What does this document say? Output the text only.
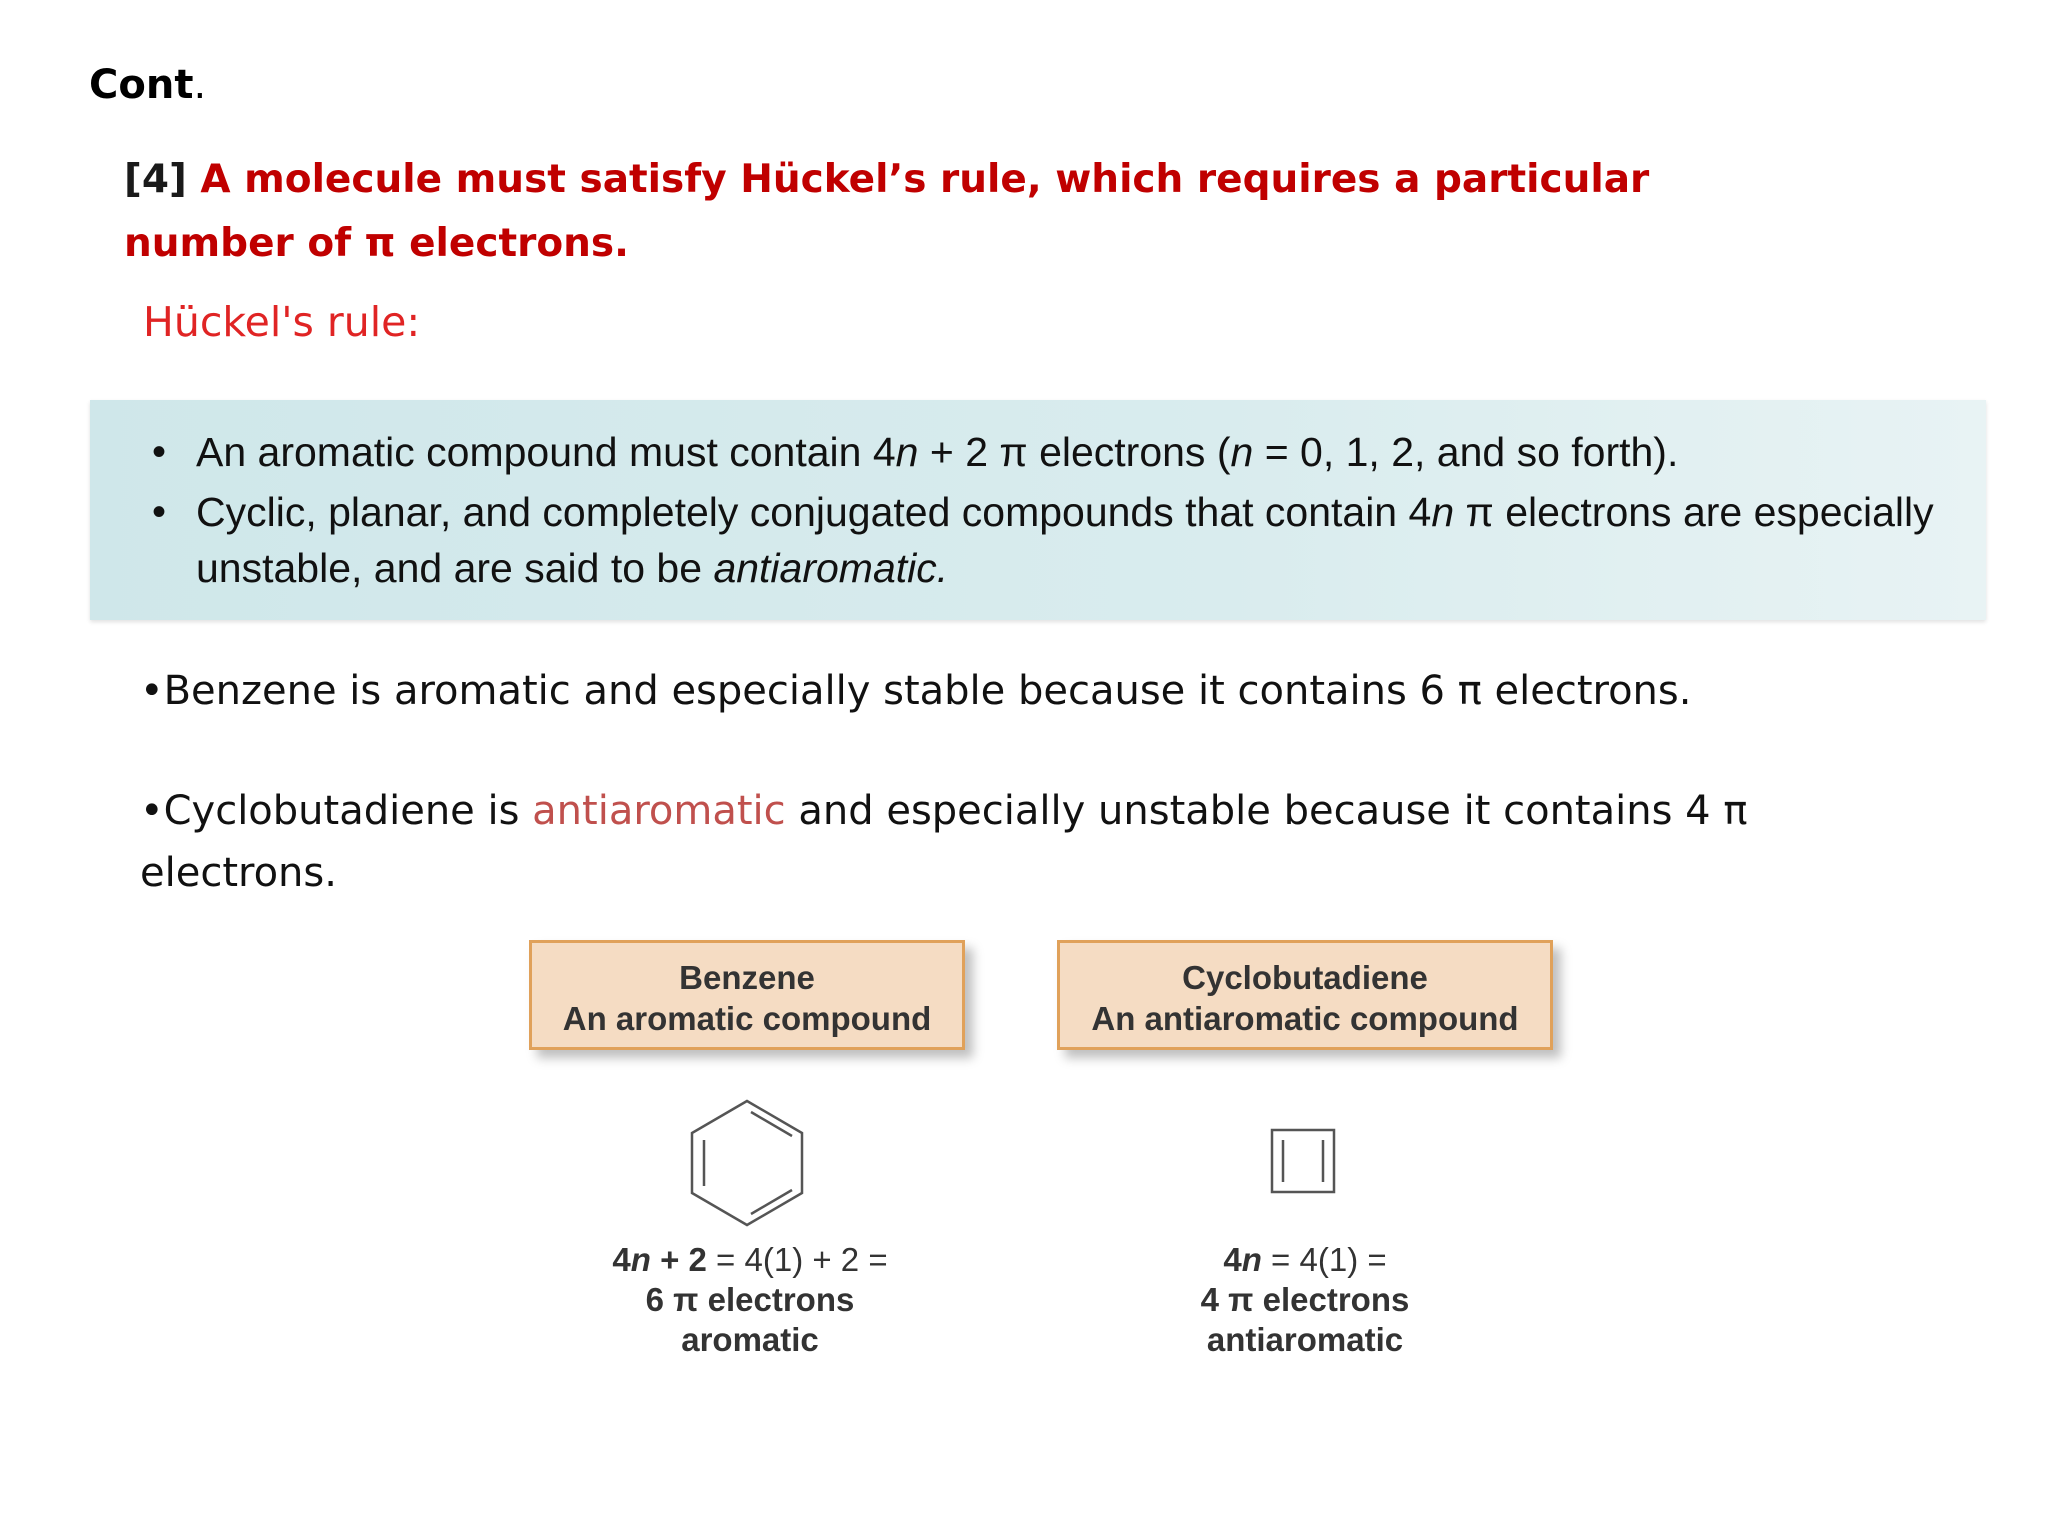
Cont.

[4] A molecule must satisfy Hückel’s rule, which requires a particular number of π electrons.

Hückel's rule:
• An aromatic compound must contain 4n + 2 π electrons (n = 0, 1, 2, and so forth).
• Cyclic, planar, and completely conjugated compounds that contain 4n π electrons are especially unstable, and are said to be antiaromatic.

•Benzene is aromatic and especially stable because it contains 6 π electrons.

•Cyclobutadiene is antiaromatic and especially unstable because it contains 4 π electrons.

Benzene
An aromatic compound
Cyclobutadiene
An antiaromatic compound
4n + 2 = 4(1) + 2 =
6 π electrons
aromatic
4n = 4(1) =
4 π electrons
antiaromatic
